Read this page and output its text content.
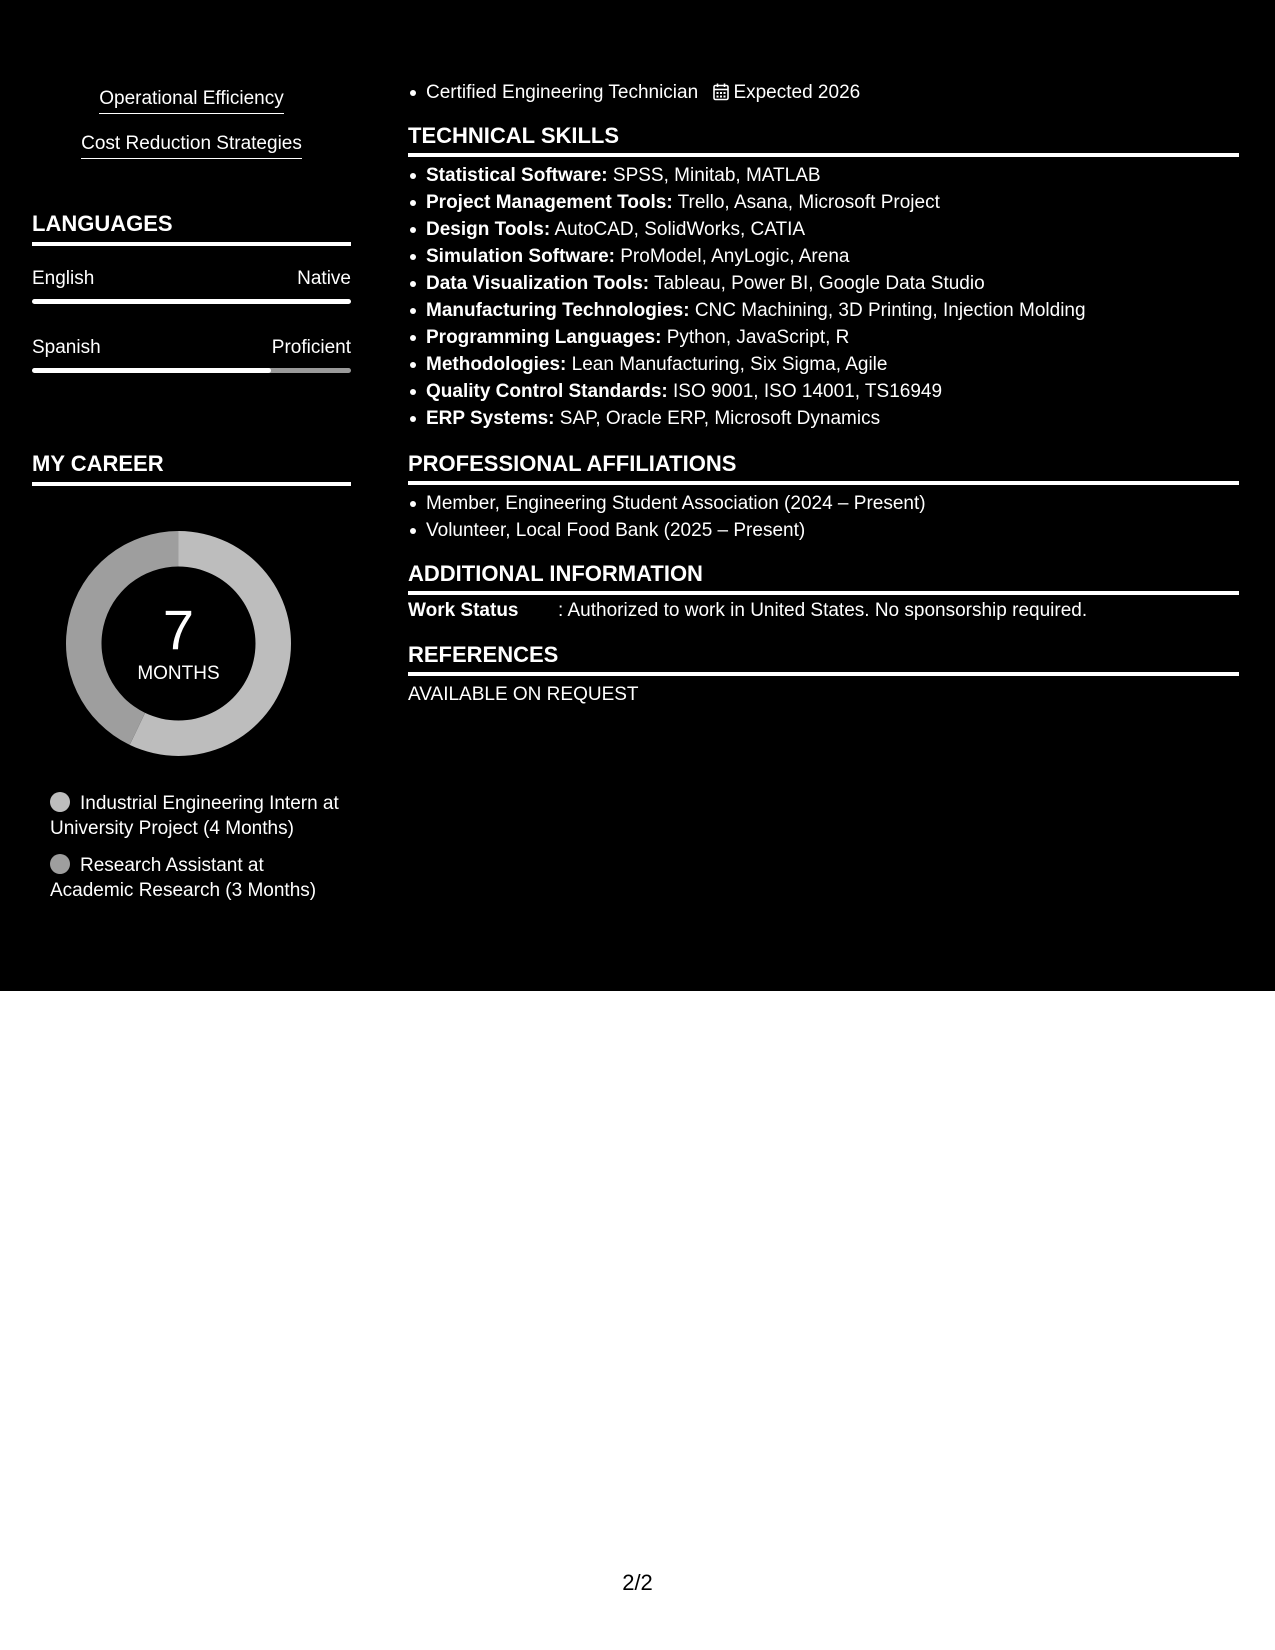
Operational Efficiency
Cost Reduction Strategies
LANGUAGES
English	Native
Spanish	Proficient
MY CAREER
7
MONTHS
Industrial Engineering Intern at University Project (4 Months)
Research Assistant at Academic Research (3 Months)
Certified Engineering Technician Expected 2026
TECHNICAL SKILLS
Statistical Software: SPSS, Minitab, MATLAB
Project Management Tools: Trello, Asana, Microsoft Project
Design Tools: AutoCAD, SolidWorks, CATIA
Simulation Software: ProModel, AnyLogic, Arena
Data Visualization Tools: Tableau, Power BI, Google Data Studio
Manufacturing Technologies: CNC Machining, 3D Printing, Injection Molding
Programming Languages: Python, JavaScript, R
Methodologies: Lean Manufacturing, Six Sigma, Agile
Quality Control Standards: ISO 9001, ISO 14001, TS16949
ERP Systems: SAP, Oracle ERP, Microsoft Dynamics
PROFESSIONAL AFFILIATIONS
Member, Engineering Student Association (2024 – Present)
Volunteer, Local Food Bank (2025 – Present)
ADDITIONAL INFORMATION
Work Status	: Authorized to work in United States. No sponsorship required.
REFERENCES
AVAILABLE ON REQUEST
2/2
